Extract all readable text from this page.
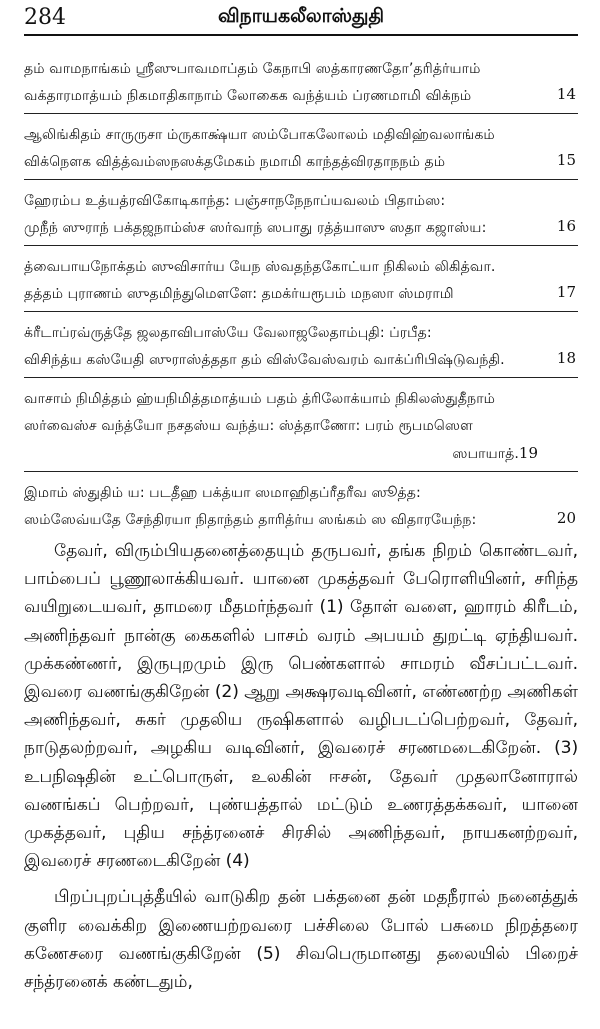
284	விநாயகலீலாஸ்துதி
தம் வாமநாங்கம் ஸ்ரீஸுபாவமாப்தம் கேநாபி ஸத்காரணதோ’தரித்ர்யாம்
வக்தாரமாத்யம் நிகமாதிகாநாம் லோகைக வந்த்யம் ப்ரணமாமி விக்நம்	14
ஆலிங்கிதம் சாருருசா ம்ருகாக்ஷ்யா ஸம்போகலோலம் மதிவிஹ்வலாங்கம்
விக்நௌக வித்த்வம்ஸநஸக்தமேகம் நமாமி காந்தத்விரதாநநம் தம்	15
ஹேரம்ப உத்யத்ரவிகோடிகாந்த: பஞ்சாநநேநாப்யவலம் பிதாம்ஸ:
முநீந் ஸுராந் பக்தஜநாம்ஸ்ச ஸர்வாந் ஸபாது ரத்த்யாஸு ஸதா கஜாஸ்ய:	16
த்வைபாயநோக்தம் ஸுவிசார்ய யேந ஸ்வதந்தகோட்யா நிகிலம் லிகித்வா.
தத்தம் புராணம் ஸுதமிந்துமௌளே: தமக்ர்யரூபம் மநஸா ஸ்மராமி	17
க்ரீடாப்ரவ்ருத்தே ஜலதாவிபாஸ்யே வேலாஜலேதாம்புதி: ப்ரபீத:
விசிந்த்ய கஸ்யேதி ஸுராஸ்த்ததா தம் விஸ்வேஸ்வரம் வாக்ப்ரிபிஷ்டுவந்தி.	18
வாசாம் நிமித்தம் ஹ்யநிமித்தமாத்யம் பதம் த்ரிலோக்யாம் நிகிலஸ்துதீநாம்
ஸர்வைஸ்ச வந்த்யோ நசதஸ்ய வந்த்ய: ஸ்த்தாணோ: பரம் ரூபமஸௌ
ஸபாயாத்.19
இமாம் ஸ்துதிம் ய: படதீஹ பக்த்யா ஸமாஹிதப்ரீதரீவ ஸூத்த:
ஸம்ஸேவ்யதே சேந்திரயா நிதாந்தம் தாரித்ர்ய ஸங்கம் ஸ விதாரயேந்ந:	20

தேவர், விரும்பியதனைத்தையும் தருபவர், தங்க நிறம் கொண்டவர், பாம்பைப் பூணூலாக்கியவர். யானை முகத்தவர் பேரொளியினர், சரிந்த வயிறுடையவர், தாமரை மீதமர்ந்தவர் (1) தோள் வளை, ஹாரம் கிரீடம், அணிந்தவர் நான்கு கைகளில் பாசம் வரம் அபயம் துறட்டி ஏந்தியவர். முக்கண்ணர், இருபுறமும் இரு பெண்களால் சாமரம் வீசப்பட்டவர். இவரை வணங்குகிறேன் (2) ஆறு அக்ஷரவடிவினர், எண்ணற்ற அணிகள் அணிந்தவர், சுகர் முதலிய ருஷிகளால் வழிபடப்பெற்றவர், தேவர், நாடுதலற்றவர், அழகிய வடிவினர், இவரைச் சரணமடைகிறேன். (3) உபநிஷதின் உட்பொருள், உலகின் ஈசன், தேவர் முதலானோரால் வணங்கப் பெற்றவர், புண்யத்தால் மட்டும் உணரத்தக்கவர், யானை முகத்தவர், புதிய சந்த்ரனைச் சிரசில் அணிந்தவர், நாயகனற்றவர், இவரைச் சரணடைகிறேன் (4)

பிறப்புறப்புத்தீயில் வாடுகிற தன் பக்தனை தன் மதநீரால் நனைத்துக் குளிர வைக்கிற இணையற்றவரை பச்சிலை போல் பசுமை நிறத்தரை கணேசரை வணங்குகிறேன் (5) சிவபெருமானது தலையில் பிறைச் சந்த்ரனைக் கண்டதும்,
